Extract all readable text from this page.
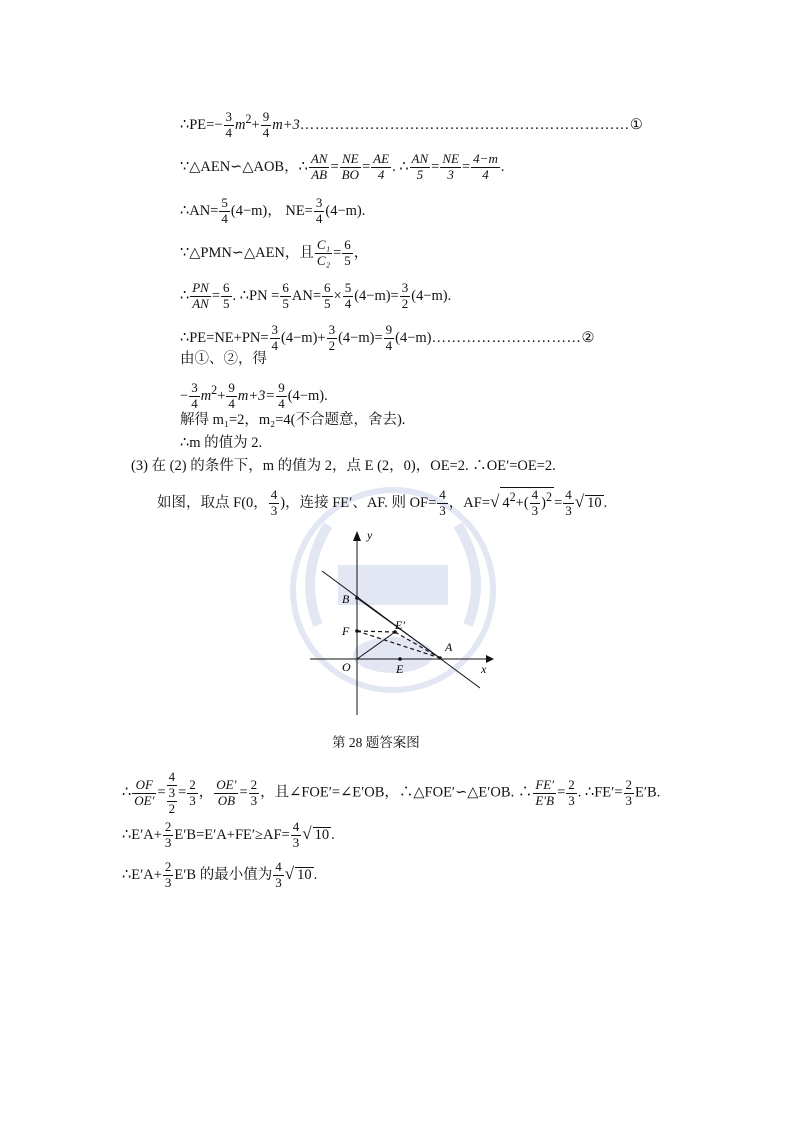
∴PE=− $\frac{3}{4} m^2+ \frac{9}{4}$ m+3…………………………………………………………①
∵△AEN∽△AOB，∴ $\frac{AN}{AB} = \frac{NE}{BO} = \frac{AE}{4}$ . ∴ $\frac{AN}{5} = \frac{NE}{3} = \frac{4-m}{4}$ .
∴AN= $\frac{5}{4} (4-m)$， $NE= \frac{3}{4} (4-m)$.
∵△PMN∽△AEN，且 $\frac{\text{C₁}}{\text{C₂}} = \frac{6}{5}$ ，
∴ $\frac{PN}{AN} = \frac{6}{5}$ . ∴PN = $\frac{6}{5} AN= \frac{6}{5} \times \frac{5}{4} (4-m)= \frac{3}{2} (4-m)$.
∴PE=NE+PN= $\frac{3}{4} (4-m)+ \frac{3}{2} (4-m)= \frac{9}{4}$ (4−m)…………………………②
由①、②，得
− $\frac{3}{4} m^2+ \frac{9}{4} m+3= \frac{9}{4} (4-m)$.
解得 m₁=2，m₂=4(不合题意，舍去).
∴m 的值为 2.
(3) 在 (2) 的条件下，m 的值为 2，点 E (2，0)，OE=2. ∴OE′=OE=2.
如图，取点 F(0， $\frac{4}{3}$ )，连接 FE′、AF. 则 $OF= \frac{4}{3}$ ，AF=√ $4^2+( \frac{4}{3} )^2 = \frac{4}{3}$ √ 10 .
y
x
O
B
F	E′
A
E
第 28 题答案图
∴ $\frac{OF}{OE'}$ =
4
3
2
= $\frac{2}{3}$ ， $\frac{OE'}{OB} = \frac{2}{3}$ ，且∠FOE′=∠E′OB，∴△FOE′∽△E′OB. ∴ $\frac{FE'}{E'B} = \frac{2}{3}$ . ∴FE′= $\frac{2}{3} E'B$.
∴E′A+ $\frac{2}{3} E'B=E'A+FE'\ge AF= \frac{4}{3}$ √ 10 .
∴E′A+ $\frac{2}{3} E'B$ 的最小值为 $\frac{4}{3}$ √ 10 .
